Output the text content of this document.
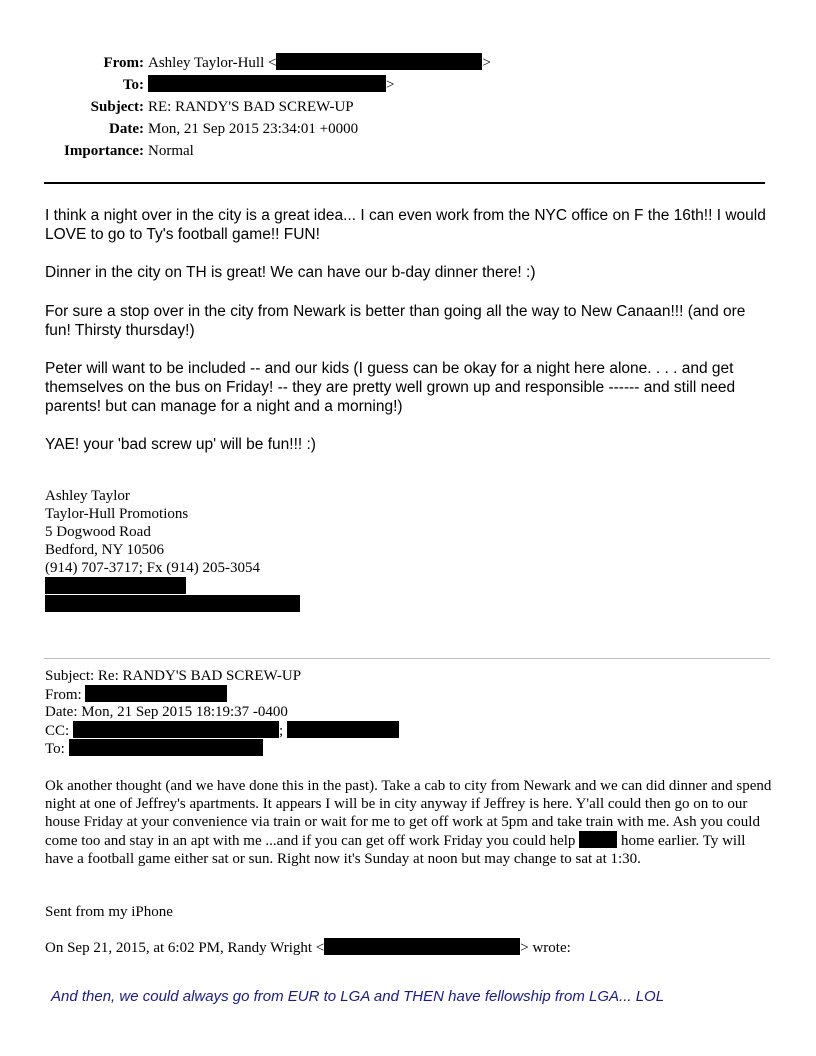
From: Ashley Taylor-Hull <	>
To:	>
Subject: RE: RANDY'S BAD SCREW-UP
Date: Mon, 21 Sep 2015 23:34:01 +0000
Importance: Normal

I think a night over in the city is a great idea... I can even work from the NYC office on F the 16th!! I would LOVE to go to Ty's football game!! FUN!

Dinner in the city on TH is great! We can have our b-day dinner there! :)

For sure a stop over in the city from Newark is better than going all the way to New Canaan!!! (and ore fun! Thirsty thursday!)

Peter will want to be included -- and our kids (I guess can be okay for a night here alone. . . . and get themselves on the bus on Friday! -- they are pretty well grown up and responsible ------ and still need parents! but can manage for a night and a morning!)

YAE! your 'bad screw up' will be fun!!! :)

Ashley Taylor
Taylor-Hull Promotions
5 Dogwood Road
Bedford, NY 10506
(914) 707-3717; Fx (914) 205-3054
Subject: Re: RANDY'S BAD SCREW-UP
From:
Date: Mon, 21 Sep 2015 18:19:37 -0400
CC:	;
To:

Ok another thought (and we have done this in the past). Take a cab to city from Newark and we can did dinner and spend night at one of Jeffrey's apartments. It appears I will be in city anyway if Jeffrey is here. Y'all could then go on to our house Friday at your convenience via train or wait for me to get off work at 5pm and take train with me. Ash you could come too and stay in an apt with me ...and if you can get off work Friday you could help	home earlier. Ty will have a football game either sat or sun. Right now it's Sunday at noon but may change to sat at 1:30.

Sent from my iPhone

On Sep 21, 2015, at 6:02 PM, Randy Wright <	> wrote:

And then, we could always go from EUR to LGA and THEN have fellowship from LGA... LOL
